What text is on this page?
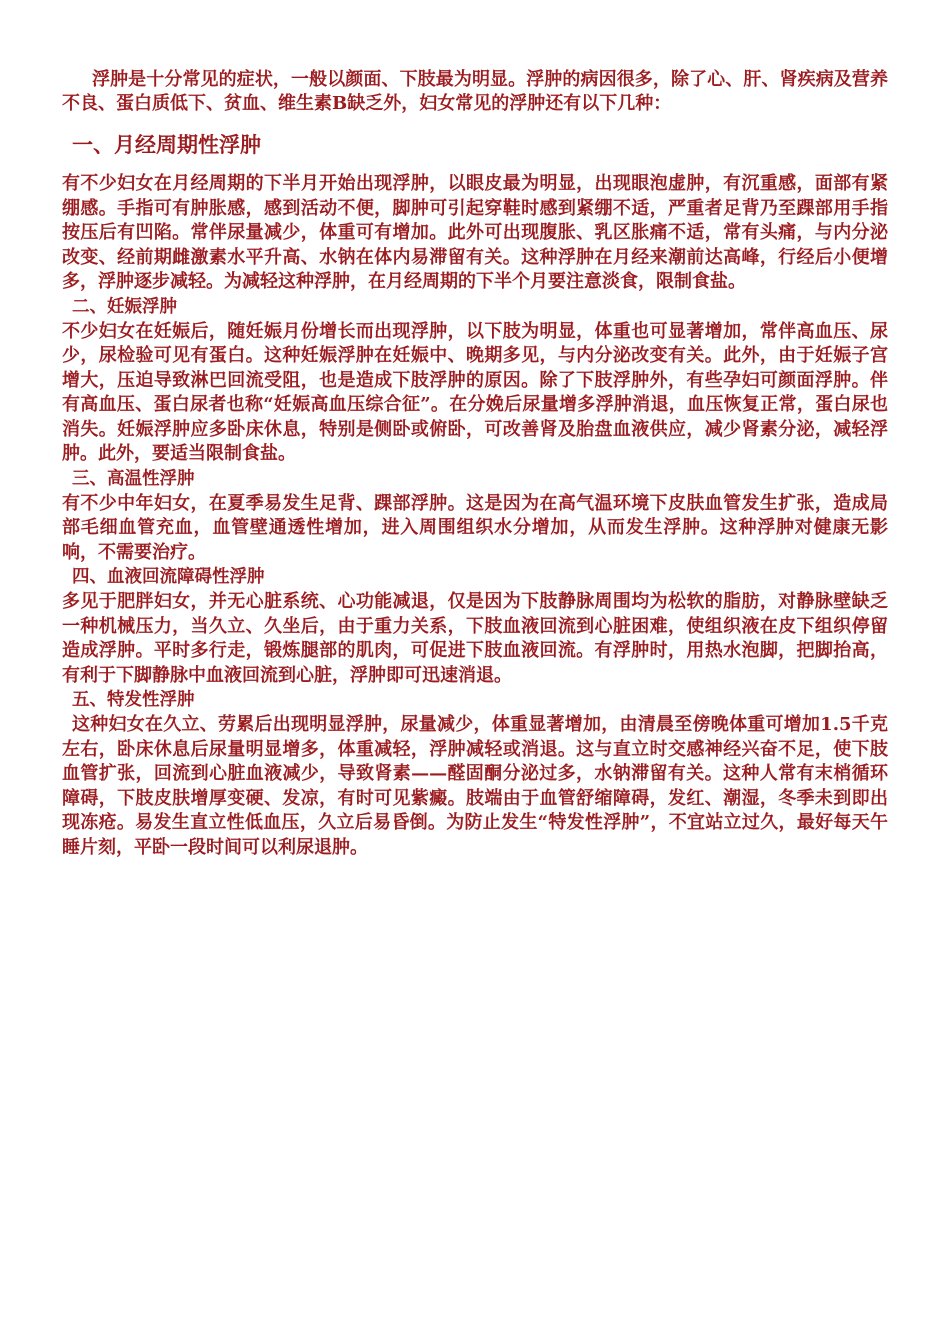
浮肿是十分常见的症状，一般以颜面、下肢最为明显。浮肿的病因很多，除了心、肝、肾疾病及营养不良、蛋白质低下、贫血、维生素B缺乏外，妇女常见的浮肿还有以下几种：

一、月经周期性浮肿

有不少妇女在月经周期的下半月开始出现浮肿，以眼皮最为明显，出现眼泡虚肿，有沉重感，面部有紧绷感。手指可有肿胀感，感到活动不便，脚肿可引起穿鞋时感到紧绷不适，严重者足背乃至踝部用手指按压后有凹陷。常伴尿量减少，体重可有增加。此外可出现腹胀、乳区胀痛不适，常有头痛，与内分泌改变、经前期雌激素水平升高、水钠在体内易滞留有关。这种浮肿在月经来潮前达高峰，行经后小便增多，浮肿逐步减轻。为减轻这种浮肿，在月经周期的下半个月要注意淡食，限制食盐。

二、妊娠浮肿

不少妇女在妊娠后，随妊娠月份增长而出现浮肿，以下肢为明显，体重也可显著增加，常伴高血压、尿少，尿检验可见有蛋白。这种妊娠浮肿在妊娠中、晚期多见，与内分泌改变有关。此外，由于妊娠子宫增大，压迫导致淋巴回流受阻，也是造成下肢浮肿的原因。除了下肢浮肿外，有些孕妇可颜面浮肿。伴有高血压、蛋白尿者也称“妊娠高血压综合征”。在分娩后尿量增多浮肿消退，血压恢复正常，蛋白尿也消失。妊娠浮肿应多卧床休息，特别是侧卧或俯卧，可改善肾及胎盘血液供应，减少肾素分泌，减轻浮肿。此外，要适当限制食盐。

三、高温性浮肿

有不少中年妇女，在夏季易发生足背、踝部浮肿。这是因为在高气温环境下皮肤血管发生扩张，造成局部毛细血管充血，血管壁通透性增加，进入周围组织水分增加，从而发生浮肿。这种浮肿对健康无影响，不需要治疗。

四、血液回流障碍性浮肿

多见于肥胖妇女，并无心脏系统、心功能减退，仅是因为下肢静脉周围均为松软的脂肪，对静脉壁缺乏一种机械压力，当久立、久坐后，由于重力关系，下肢血液回流到心脏困难，使组织液在皮下组织停留造成浮肿。平时多行走，锻炼腿部的肌肉，可促进下肢血液回流。有浮肿时，用热水泡脚，把脚抬高，有利于下脚静脉中血液回流到心脏，浮肿即可迅速消退。

五、特发性浮肿

这种妇女在久立、劳累后出现明显浮肿，尿量减少，体重显著增加，由清晨至傍晚体重可增加1.5千克左右，卧床休息后尿量明显增多，体重减轻，浮肿减轻或消退。这与直立时交感神经兴奋不足，使下肢血管扩张，回流到心脏血液减少，导致肾素——醛固酮分泌过多，水钠滞留有关。这种人常有末梢循环障碍，下肢皮肤增厚变硬、发凉，有时可见紫癜。肢端由于血管舒缩障碍，发红、潮湿，冬季未到即出现冻疮。易发生直立性低血压，久立后易昏倒。为防止发生“特发性浮肿”，不宜站立过久，最好每天午睡片刻，平卧一段时间可以利尿退肿。
